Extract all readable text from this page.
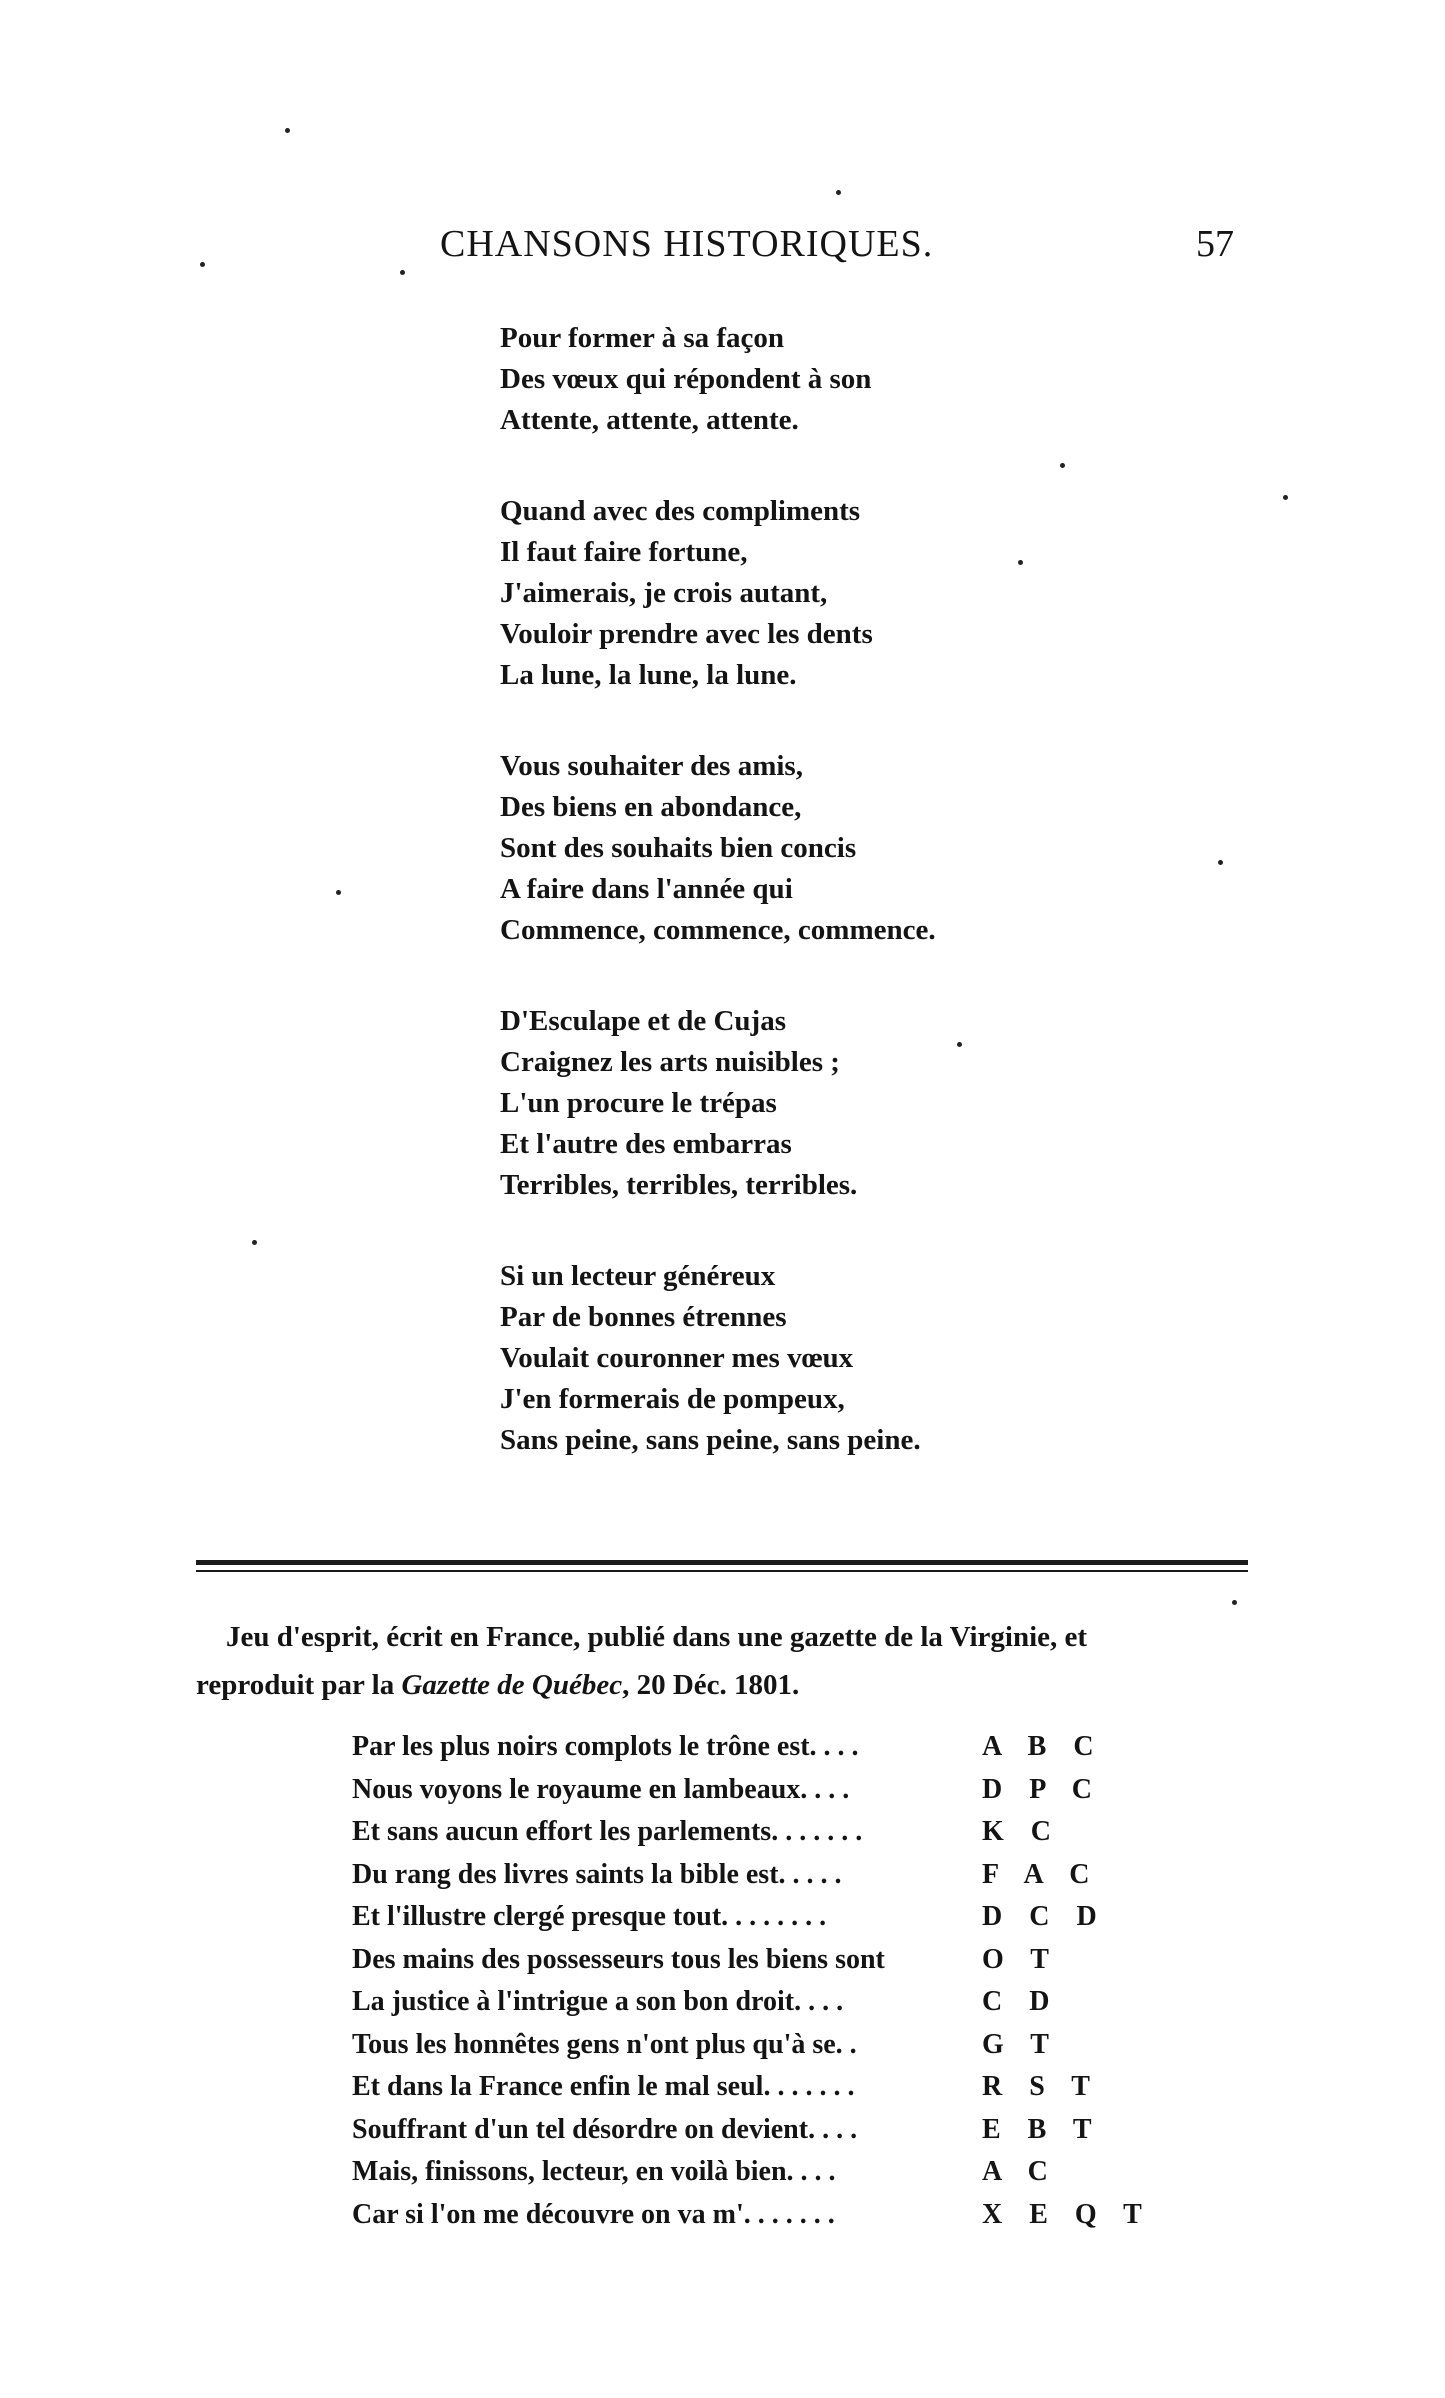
CHANSONS HISTORIQUES.	57
Pour former à sa façon
Des vœux qui répondent à son
Attente, attente, attente.
Quand avec des compliments
Il faut faire fortune,
J'aimerais, je crois autant,
Vouloir prendre avec les dents
La lune, la lune, la lune.
Vous souhaiter des amis,
Des biens en abondance,
Sont des souhaits bien concis
A faire dans l'année qui
Commence, commence, commence.
D'Esculape et de Cujas
Craignez les arts nuisibles ;
L'un procure le trépas
Et l'autre des embarras
Terribles, terribles, terribles.
Si un lecteur généreux
Par de bonnes étrennes
Voulait couronner mes vœux
J'en formerais de pompeux,
Sans peine, sans peine, sans peine.
Jeu d'esprit, écrit en France, publié dans une gazette de la Virginie, et
reproduit par la Gazette de Québec, 20 Déc. 1801.
Par les plus noirs complots le trône est. . . .	A B C
Nous voyons le royaume en lambeaux. . . .	D P C
Et sans aucun effort les parlements. . . . . . .	K C
Du rang des livres saints la bible est. . . . .	F A C
Et l'illustre clergé presque tout. . . . . . . .	D C D
Des mains des possesseurs tous les biens sont	O T
La justice à l'intrigue a son bon droit. . . .	C D
Tous les honnêtes gens n'ont plus qu'à se. .	G T
Et dans la France enfin le mal seul. . . . . . .	R S T
Souffrant d'un tel désordre on devient. . . .	E B T
Mais, finissons, lecteur, en voilà bien. . . .	A C
Car si l'on me découvre on va m'. . . . . . .	X E Q T
